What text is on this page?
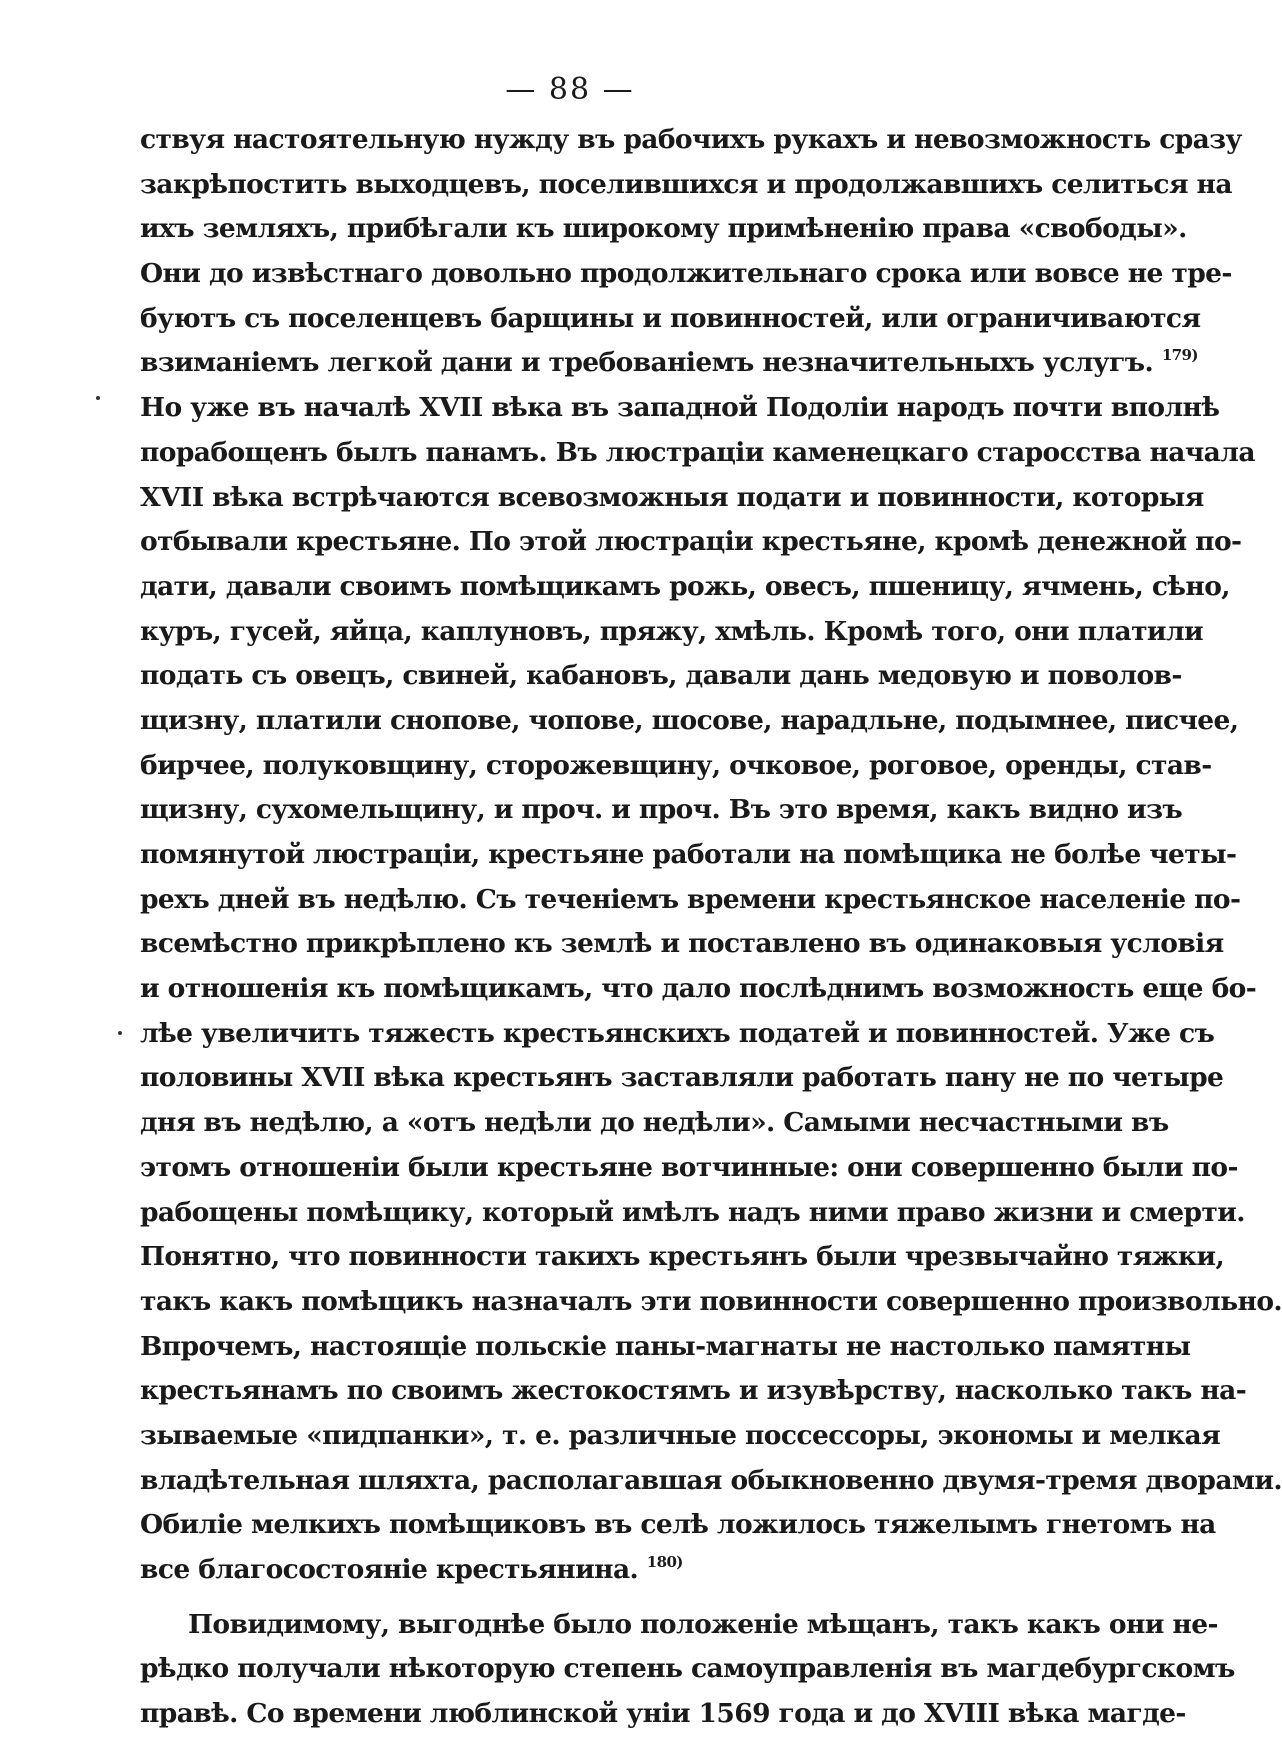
— 88 —
ствуя настоятельную нужду въ рабочихъ рукахъ и невозможность сразу
закрѣпостить выходцевъ, поселившихся и продолжавшихъ селиться на
ихъ земляхъ, прибѣгали къ широкому примѣненію права «свободы».
Они до извѣстнаго довольно продолжительнаго срока или вовсе не тре-
буютъ съ поселенцевъ барщины и повинностей, или ограничиваются
взиманіемъ легкой дани и требованіемъ незначительныхъ услугъ. $^{179)}$
Но уже въ началѣ XVII вѣка въ западной Подоліи народъ почти вполнѣ
порабощенъ былъ панамъ. Въ люстраціи каменецкаго старосства начала
XVII вѣка встрѣчаются всевозможныя подати и повинности, которыя
отбывали крестьяне. По этой люстраціи крестьяне, кромѣ денежной по-
дати, давали своимъ помѣщикамъ рожь, овесъ, пшеницу, ячмень, сѣно,
куръ, гусей, яйца, каплуновъ, пряжу, хмѣль. Кромѣ того, они платили
подать съ овецъ, свиней, кабановъ, давали дань медовую и поволов-
щизну, платили снопове, чопове, шосове, нарадльне, подымнее, писчее,
бирчее, полуковщину, сторожевщину, очковое, роговое, оренды, став-
щизну, сухомельщину, и проч. и проч. Въ это время, какъ видно изъ
помянутой люстраціи, крестьяне работали на помѣщика не болѣе четы-
рехъ дней въ недѣлю. Съ теченіемъ времени крестьянское населеніе по-
всемѣстно прикрѣплено къ землѣ и поставлено въ одинаковыя условія
и отношенія къ помѣщикамъ, что дало послѣднимъ возможность еще бо-
лѣе увеличить тяжесть крестьянскихъ податей и повинностей. Уже съ
половины XVII вѣка крестьянъ заставляли работать пану не по четыре
дня въ недѣлю, а «отъ недѣли до недѣли». Самыми несчастными въ
этомъ отношеніи были крестьяне вотчинные: они совершенно были по-
рабощены помѣщику, который имѣлъ надъ ними право жизни и смерти.
Понятно, что повинности такихъ крестьянъ были чрезвычайно тяжки,
такъ какъ помѣщикъ назначалъ эти повинности совершенно произвольно.
Впрочемъ, настоящіе польскіе паны-магнаты не настолько памятны
крестьянамъ по своимъ жестокостямъ и изувѣрству, насколько такъ на-
зываемые «пидпанки», т. е. различные поссессоры, экономы и мелкая
владѣтельная шляхта, располагавшая обыкновенно двумя-тремя дворами.
Обиліе мелкихъ помѣщиковъ въ селѣ ложилось тяжелымъ гнетомъ на
все благосостояніе крестьянина. $^{180)}$
Повидимому, выгоднѣе было положеніе мѣщанъ, такъ какъ они не-
рѣдко получали нѣкоторую степень самоуправленія въ магдебургскомъ
правѣ. Со времени люблинской уніи 1569 года и до XVIII вѣка магде-
